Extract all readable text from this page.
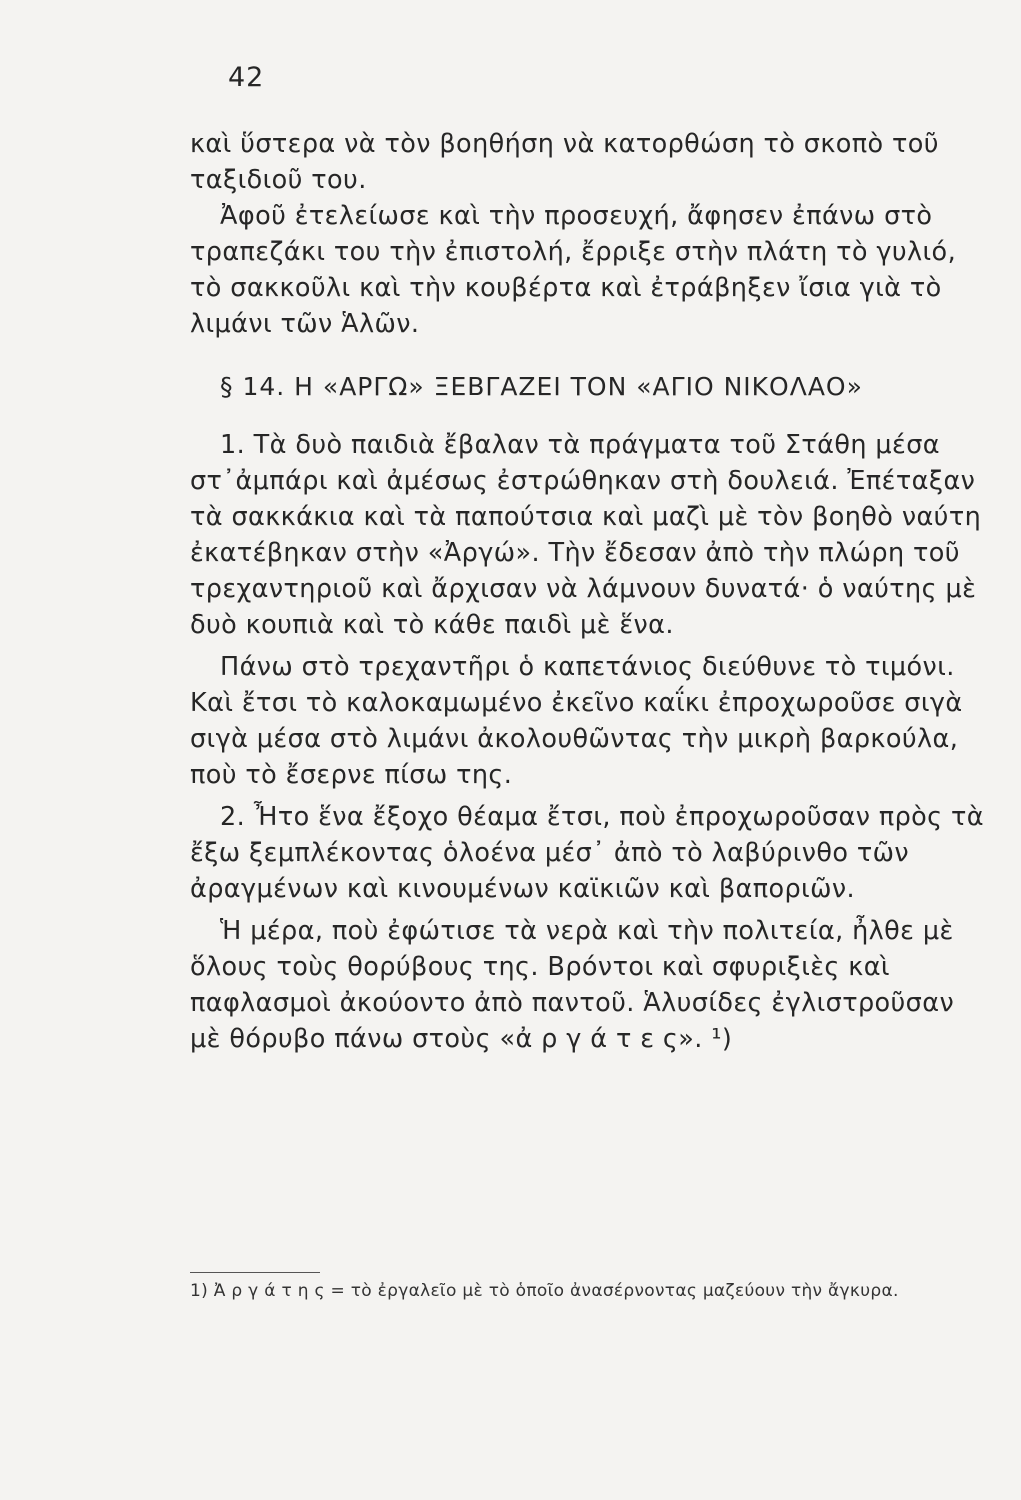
42

καὶ ὕστερα νὰ τὸν βοηθήση νὰ κατορθώση τὸ σκοπὸ τοῦ ταξιδιοῦ του.

Ἀφοῦ ἐτελείωσε καὶ τὴν προσευχή, ἄφησεν ἐπάνω στὸ τραπεζάκι του τὴν ἐπιστολή, ἔρριξε στὴν πλάτη τὸ γυλιό, τὸ σακκοῦλι καὶ τὴν κουβέρτα καὶ ἐτράβηξεν ἴσια γιὰ τὸ λιμάνι τῶν Ἁλῶν.

§ 14. Η «ΑΡΓΩ» ΞΕΒΓΑΖΕΙ ΤΟΝ «ΑΓΙΟ ΝΙΚΟΛΑΟ»

1. Τὰ δυὸ παιδιὰ ἔβαλαν τὰ πράγματα τοῦ Στάθη μέσα στ᾿ἀμπάρι καὶ ἀμέσως ἐστρώθηκαν στὴ δουλειά. Ἐπέταξαν τὰ σακκάκια καὶ τὰ παπούτσια καὶ μαζὶ μὲ τὸν βοηθὸ ναύτη ἐκατέβηκαν στὴν «Ἀργώ». Τὴν ἔδεσαν ἀπὸ τὴν πλώρη τοῦ τρεχαντηριοῦ καὶ ἄρχισαν νὰ λάμνουν δυνατά· ὁ ναύτης μὲ δυὸ κουπιὰ καὶ τὸ κάθε παιδὶ μὲ ἕνα.

Πάνω στὸ τρεχαντῆρι ὁ καπετάνιος διεύθυνε τὸ τιμόνι. Καὶ ἔτσι τὸ καλοκαμωμένο ἐκεῖνο καΐκι ἐπροχωροῦσε σιγὰ σιγὰ μέσα στὸ λιμάνι ἀκολουθῶντας τὴν μικρὴ βαρκούλα, ποὺ τὸ ἔσερνε πίσω της.

2. Ἦτο ἕνα ἔξοχο θέαμα ἔτσι, ποὺ ἐπροχωροῦσαν πρὸς τὰ ἔξω ξεμπλέκοντας ὁλοένα μέσ᾿ ἀπὸ τὸ λαβύρινθο τῶν ἀραγμένων καὶ κινουμένων καϊκιῶν καὶ βαποριῶν.

Ἡ μέρα, ποὺ ἐφώτισε τὰ νερὰ καὶ τὴν πολιτεία, ἦλθε μὲ ὅλους τοὺς θορύβους της. Βρόντοι καὶ σφυριξιὲς καὶ παφλασμοὶ ἀκούοντο ἀπὸ παντοῦ. Ἁλυσίδες ἐγλιστροῦσαν μὲ θόρυβο πάνω στοὺς «ἀ ρ γ ά τ ε ς». ¹)

1) Ἀ ρ γ ά τ η ς = τὸ ἐργαλεῖο μὲ τὸ ὁποῖο ἀνασέρνοντας μαζεύουν τὴν ἄγκυρα.
